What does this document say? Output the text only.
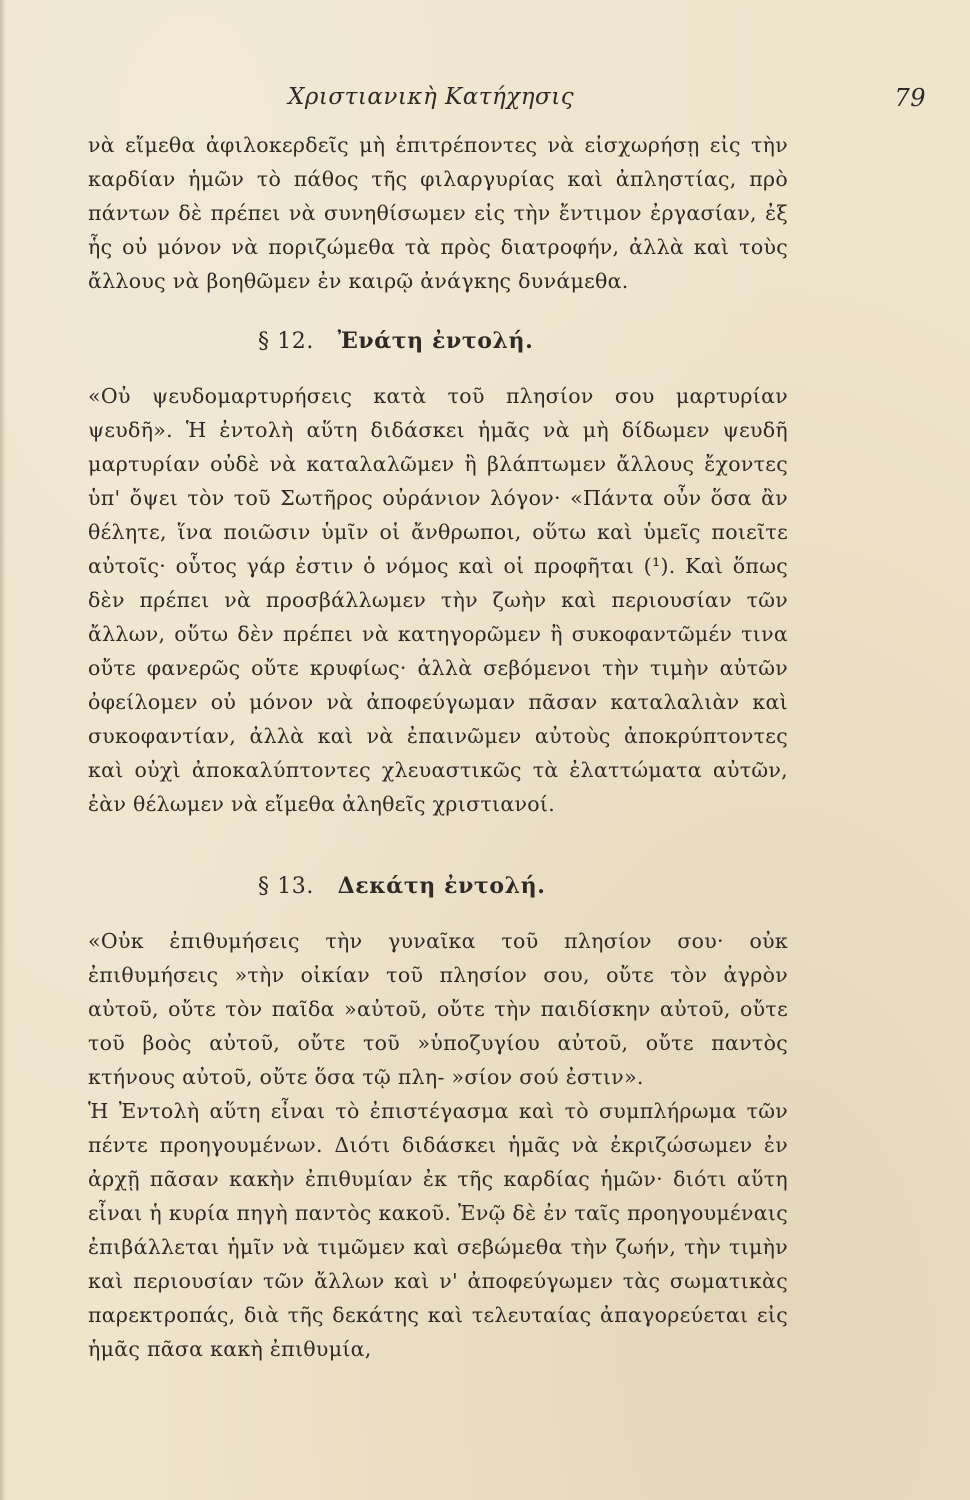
Χριστιανικὴ Κατήχησις	79

νὰ εἴμεθα ἀφιλοκερδεῖς μὴ ἐπιτρέποντες νὰ εἰσχωρήσῃ εἰς τὴν καρδίαν ἡμῶν τὸ πάθος τῆς φιλαργυρίας καὶ ἀπληστίας, πρὸ πάντων δὲ πρέπει νὰ συνηθίσωμεν εἰς τὴν ἔντιμον ἐργασίαν, ἐξ ἧς οὐ μόνον νὰ ποριζώμεθα τὰ πρὸς διατροφήν, ἀλλὰ καὶ τοὺς ἄλλους νὰ βοηθῶμεν ἐν καιρῷ ἀνάγκης δυνάμεθα.

§ 12. Ἐνάτη ἐντολή.

«Οὐ ψευδομαρτυρήσεις κατὰ τοῦ πλησίον σου μαρτυρίαν ψευδῆ». Ἡ ἐντολὴ αὕτη διδάσκει ἡμᾶς νὰ μὴ δίδωμεν ψευδῆ μαρτυρίαν οὐδὲ νὰ καταλαλῶμεν ἢ βλάπτωμεν ἄλλους ἔχοντες ὑπ' ὄψει τὸν τοῦ Σωτῆρος οὐράνιον λόγον· «Πάντα οὖν ὅσα ἂν θέλητε, ἵνα ποιῶσιν ὑμῖν οἱ ἄνθρωποι, οὕτω καὶ ὑμεῖς ποιεῖτε αὐτοῖς· οὗτος γάρ ἐστιν ὁ νόμος καὶ οἱ προφῆται (¹). Καὶ ὅπως δὲν πρέπει νὰ προσβάλλωμεν τὴν ζωὴν καὶ περιουσίαν τῶν ἄλλων, οὕτω δὲν πρέπει νὰ κατηγορῶμεν ἢ συκοφαντῶμέν τινα οὔτε φανερῶς οὔτε κρυφίως· ἀλλὰ σεβόμενοι τὴν τιμὴν αὐτῶν ὀφείλομεν οὐ μόνον νὰ ἀποφεύγωμαν πᾶσαν καταλαλιὰν καὶ συκοφαντίαν, ἀλλὰ καὶ νὰ ἐπαινῶμεν αὐτοὺς ἀποκρύπτοντες καὶ οὐχὶ ἀποκαλύπτοντες χλευαστικῶς τὰ ἐλαττώματα αὐτῶν, ἐὰν θέλωμεν νὰ εἴμεθα ἀληθεῖς χριστιανοί.

§ 13. Δεκάτη ἐντολή.

«Οὐκ ἐπιθυμήσεις τὴν γυναῖκα τοῦ πλησίον σου· οὐκ ἐπιθυμήσεις »τὴν οἰκίαν τοῦ πλησίον σου, οὔτε τὸν ἀγρὸν αὐτοῦ, οὔτε τὸν παῖδα »αὐτοῦ, οὔτε τὴν παιδίσκην αὐτοῦ, οὔτε τοῦ βοὸς αὐτοῦ, οὔτε τοῦ »ὑποζυγίου αὐτοῦ, οὔτε παντὸς κτήνους αὐτοῦ, οὔτε ὅσα τῷ πλη- »σίον σού ἐστιν».

Ἡ Ἐντολὴ αὕτη εἶναι τὸ ἐπιστέγασμα καὶ τὸ συμπλήρωμα τῶν πέντε προηγουμένων. Διότι διδάσκει ἡμᾶς νὰ ἐκριζώσωμεν ἐν ἀρχῇ πᾶσαν κακὴν ἐπιθυμίαν ἐκ τῆς καρδίας ἡμῶν· διότι αὕτη εἶναι ἡ κυρία πηγὴ παντὸς κακοῦ. Ἐνῷ δὲ ἐν ταῖς προηγουμέναις ἐπιβάλλεται ἡμῖν νὰ τιμῶμεν καὶ σεβώμεθα τὴν ζωήν, τὴν τιμὴν καὶ περιουσίαν τῶν ἄλλων καὶ ν' ἀποφεύγωμεν τὰς σωματικὰς παρεκτροπάς, διὰ τῆς δεκάτης καὶ τελευταίας ἀπαγορεύεται εἰς ἡμᾶς πᾶσα κακὴ ἐπιθυμία,
